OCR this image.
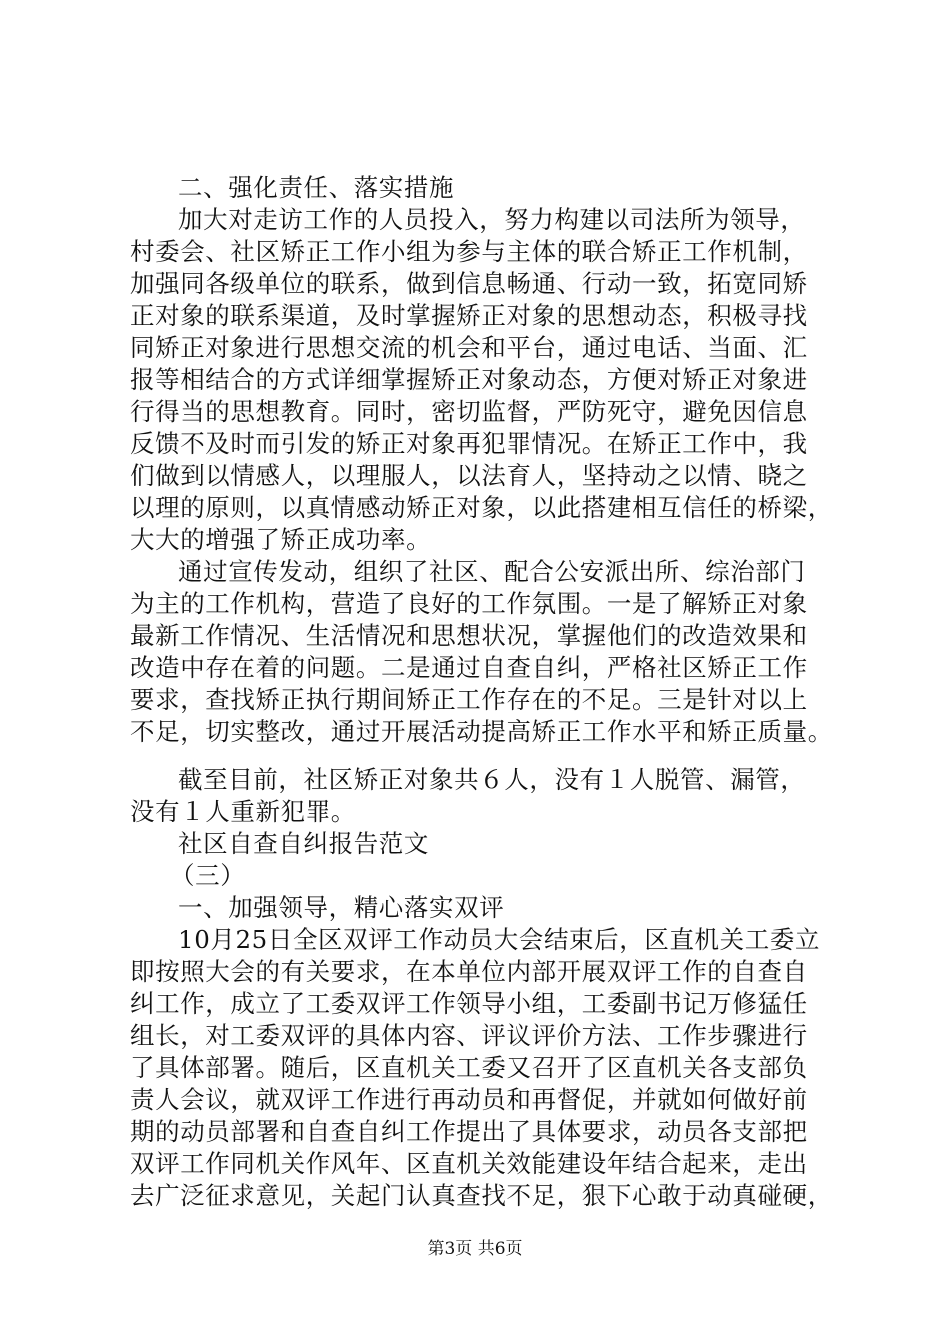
二、强化责任、落实措施
加大对走访工作的人员投入，努力构建以司法所为领导，
村委会、社区矫正工作小组为参与主体的联合矫正工作机制，
加强同各级单位的联系，做到信息畅通、行动一致，拓宽同矫
正对象的联系渠道，及时掌握矫正对象的思想动态，积极寻找
同矫正对象进行思想交流的机会和平台，通过电话、当面、汇
报等相结合的方式详细掌握矫正对象动态，方便对矫正对象进
行得当的思想教育。同时，密切监督，严防死守，避免因信息
反馈不及时而引发的矫正对象再犯罪情况。在矫正工作中，我
们做到以情感人，以理服人，以法育人，坚持动之以情、晓之
以理的原则，以真情感动矫正对象，以此搭建相互信任的桥梁，
大大的增强了矫正成功率。
通过宣传发动，组织了社区、配合公安派出所、综治部门
为主的工作机构，营造了良好的工作氛围。一是了解矫正对象
最新工作情况、生活情况和思想状况，掌握他们的改造效果和
改造中存在着的问题。二是通过自查自纠，严格社区矫正工作
要求，查找矫正执行期间矫正工作存在的不足。三是针对以上
不足，切实整改，通过开展活动提高矫正工作水平和矫正质量。
截至目前，社区矫正对象共６人，没有１人脱管、漏管，
没有１人重新犯罪。
社区自查自纠报告范文
（三）
一、加强领导，精心落实双评
10月25日全区双评工作动员大会结束后，区直机关工委立
即按照大会的有关要求，在本单位内部开展双评工作的自查自
纠工作，成立了工委双评工作领导小组，工委副书记万修猛任
组长，对工委双评的具体内容、评议评价方法、工作步骤进行
了具体部署。随后，区直机关工委又召开了区直机关各支部负
责人会议，就双评工作进行再动员和再督促，并就如何做好前
期的动员部署和自查自纠工作提出了具体要求，动员各支部把
双评工作同机关作风年、区直机关效能建设年结合起来，走出
去广泛征求意见，关起门认真查找不足，狠下心敢于动真碰硬，
第3页 共6页
